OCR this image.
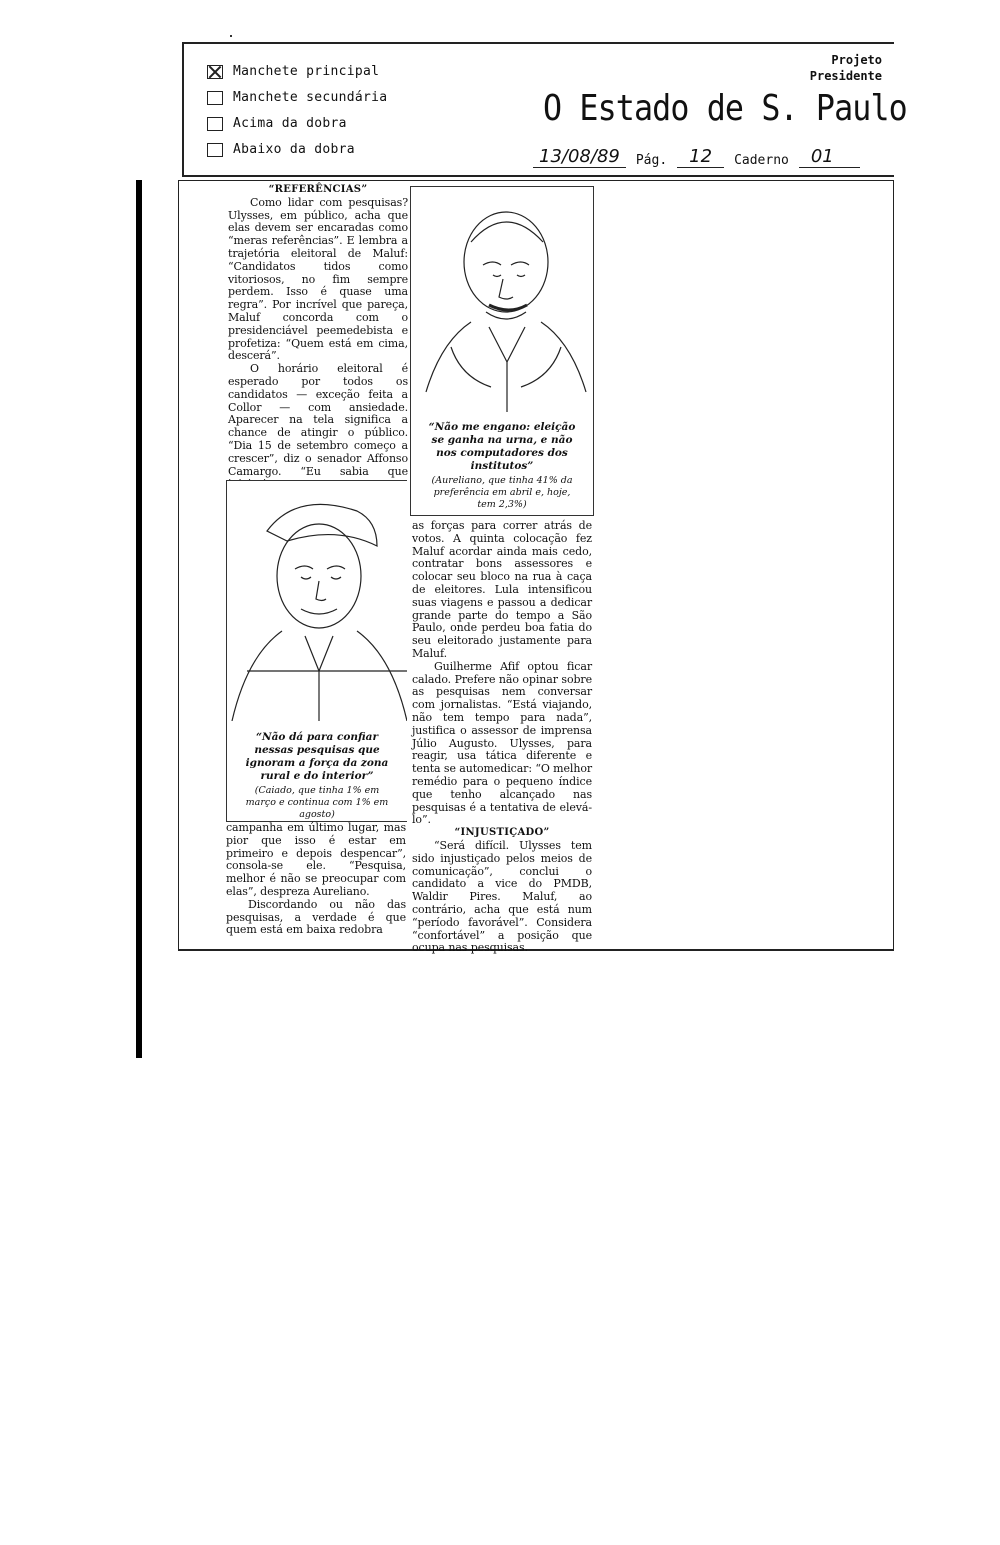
Manchete principal
Manchete secundária
Acima da dobra
Abaixo da dobra
Projeto
Presidente
O Estado de S. Paulo
13/08/89	Pág.	12	Caderno	01

“REFERÊNCIAS”

Como lidar com pesquisas? Ulysses, em público, acha que elas devem ser encaradas como “meras referências”. E lembra a trajetória eleitoral de Maluf: “Candidatos tidos como vitoriosos, no fim sempre perdem. Isso é quase uma regra”. Por incrível que pareça, Maluf concorda com o presidenciável peemedebista e profetiza: “Quem está em cima, descerá”.

O horário eleitoral é esperado por todos os candidatos — exceção feita a Collor — com ansiedade. Aparecer na tela significa a chance de atingir o público. “Dia 15 de setembro começo a crescer”, diz o senador Affonso Camargo. “Eu sabia que

“Não me engano: eleição se ganha na urna, e não nos computadores dos institutos”
(Aureliano, que tinha 41% da preferência em abril e, hoje, tem 2,3%)
“Não dá para confiar nessas pesquisas que ignoram a força da zona rural e do interior”
(Caiado, que tinha 1% em março e continua com 1% em agosto)

campanha em último lugar, mas pior que isso é estar em primeiro e depois despencar”, consola-se ele. “Pesquisa, melhor é não se preocupar com elas”, despreza Aureliano.

Discordando ou não das pesquisas, a verdade é que quem está em baixa redobra

as forças para correr atrás de votos. A quinta colocação fez Maluf acordar ainda mais cedo, contratar bons assessores e colocar seu bloco na rua à caça de eleitores. Lula intensificou suas viagens e passou a dedicar grande parte do tempo a São Paulo, onde perdeu boa fatia do seu eleitorado justamente para Maluf.

Guilherme Afif optou ficar calado. Prefere não opinar sobre as pesquisas nem conversar com jornalistas. “Está viajando, não tem tempo para nada”, justifica o assessor de imprensa Júlio Augusto. Ulysses, para reagir, usa tática diferente e tenta se automedicar: “O melhor remédio para o pequeno índice que tenho alcançado nas pesquisas é a tentativa de elevá-lo”.

“INJUSTIÇADO”

“Será difícil. Ulysses tem sido injustiçado pelos meios de comunicação”, conclui o candidato a vice do PMDB, Waldir Pires. Maluf, ao contrário, acha que está num “período favorável”. Considera “confortável” a posição que ocupa nas pesquisas.
